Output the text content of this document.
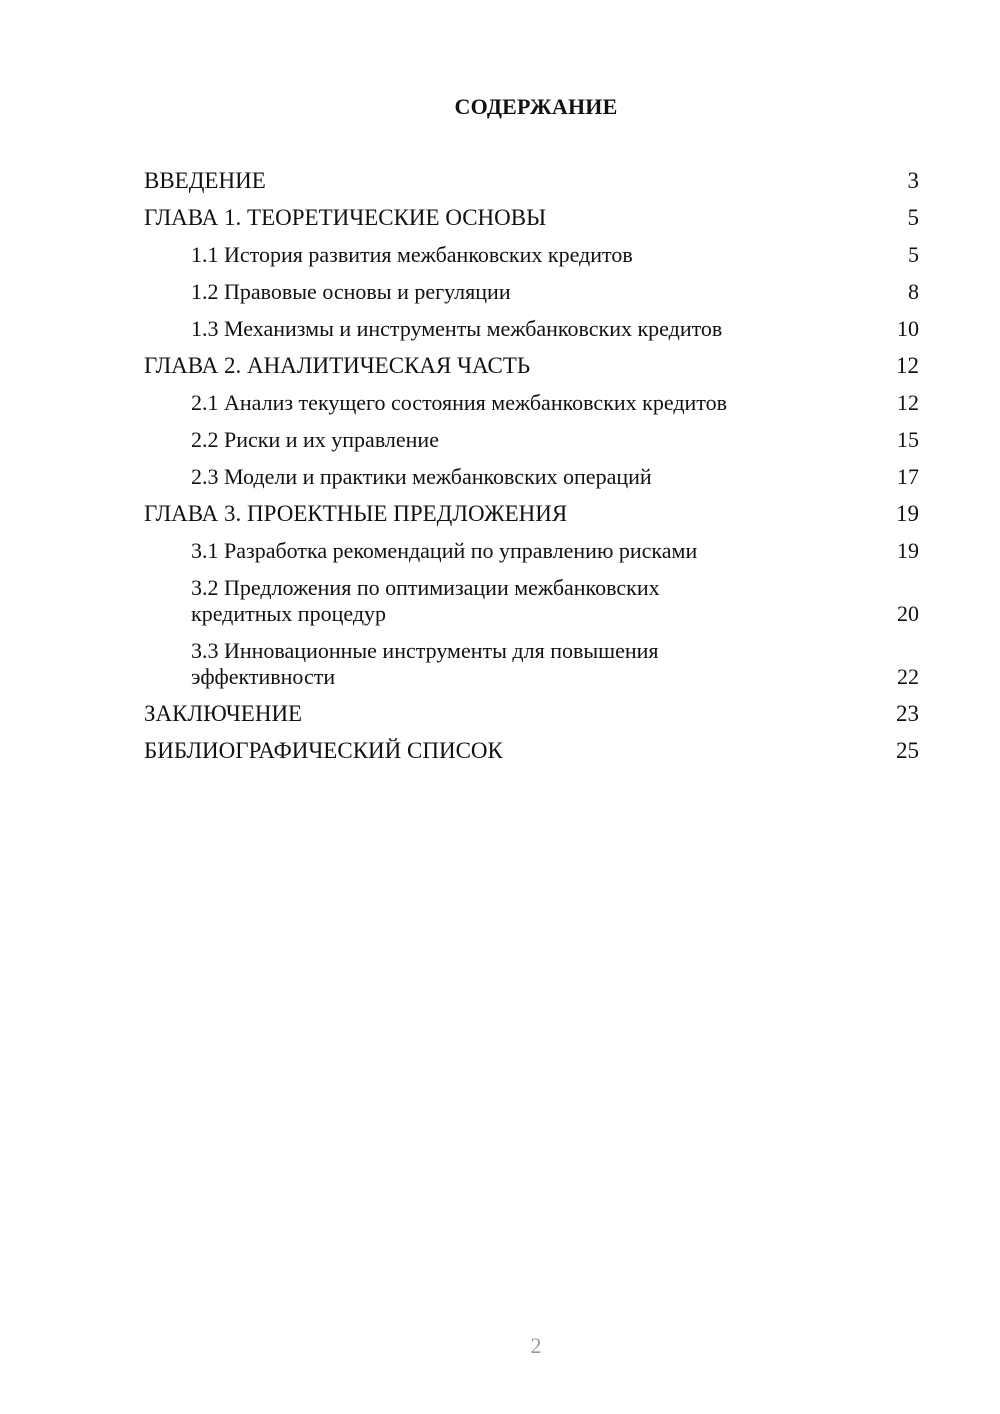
СОДЕРЖАНИЕ
ВВЕДЕНИЕ	3
ГЛАВА 1. ТЕОРЕТИЧЕСКИЕ ОСНОВЫ	5
1.1 История развития межбанковских кредитов	5
1.2 Правовые основы и регуляции	8
1.3 Механизмы и инструменты межбанковских кредитов	10
ГЛАВА 2. АНАЛИТИЧЕСКАЯ ЧАСТЬ	12
2.1 Анализ текущего состояния межбанковских кредитов	12
2.2 Риски и их управление	15
2.3 Модели и практики межбанковских операций	17
ГЛАВА 3. ПРОЕКТНЫЕ ПРЕДЛОЖЕНИЯ	19
3.1 Разработка рекомендаций по управлению рисками	19
3.2 Предложения по оптимизации межбанковских кредитных процедур	20
3.3 Инновационные инструменты для повышения эффективности	22
ЗАКЛЮЧЕНИЕ	23
БИБЛИОГРАФИЧЕСКИЙ СПИСОК	25
2
